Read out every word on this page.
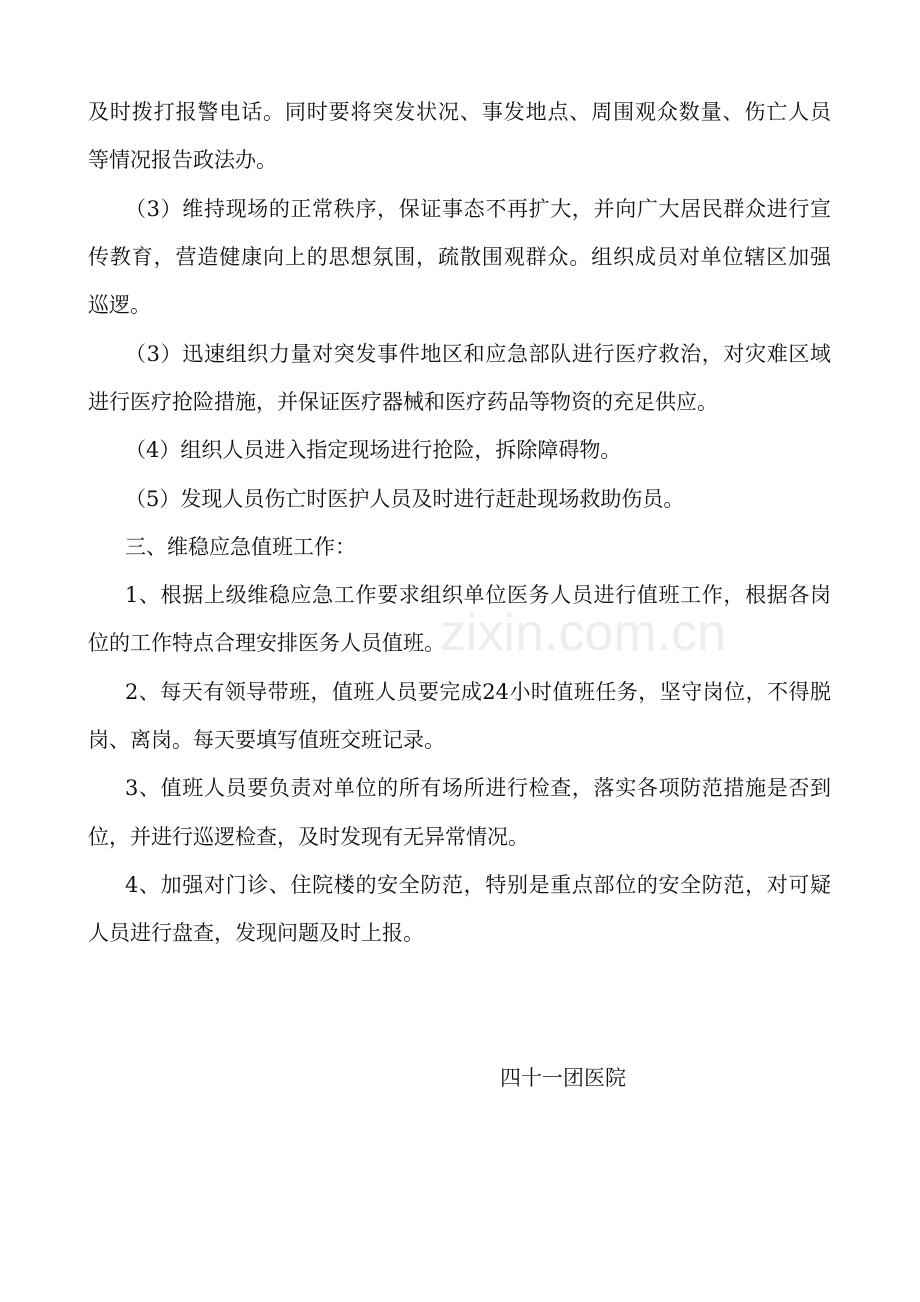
及时拨打报警电话。同时要将突发状况、事发地点、周围观众数量、伤亡人员

等情况报告政法办。

（3）维持现场的正常秩序，保证事态不再扩大，并向广大居民群众进行宣

传教育，营造健康向上的思想氛围，疏散围观群众。组织成员对单位辖区加强

巡逻。

（3）迅速组织力量对突发事件地区和应急部队进行医疗救治，对灾难区域

进行医疗抢险措施，并保证医疗器械和医疗药品等物资的充足供应。

（4）组织人员进入指定现场进行抢险，拆除障碍物。

（5）发现人员伤亡时医护人员及时进行赶赴现场救助伤员。

三、维稳应急值班工作：

1、根据上级维稳应急工作要求组织单位医务人员进行值班工作，根据各岗

位的工作特点合理安排医务人员值班。

2、每天有领导带班，值班人员要完成24小时值班任务，坚守岗位，不得脱

岗、离岗。每天要填写值班交班记录。

3、值班人员要负责对单位的所有场所进行检查，落实各项防范措施是否到

位，并进行巡逻检查，及时发现有无异常情况。

4、加强对门诊、住院楼的安全防范，特别是重点部位的安全防范，对可疑

人员进行盘查，发现问题及时上报。

四十一团医院

zixin.com.cn
